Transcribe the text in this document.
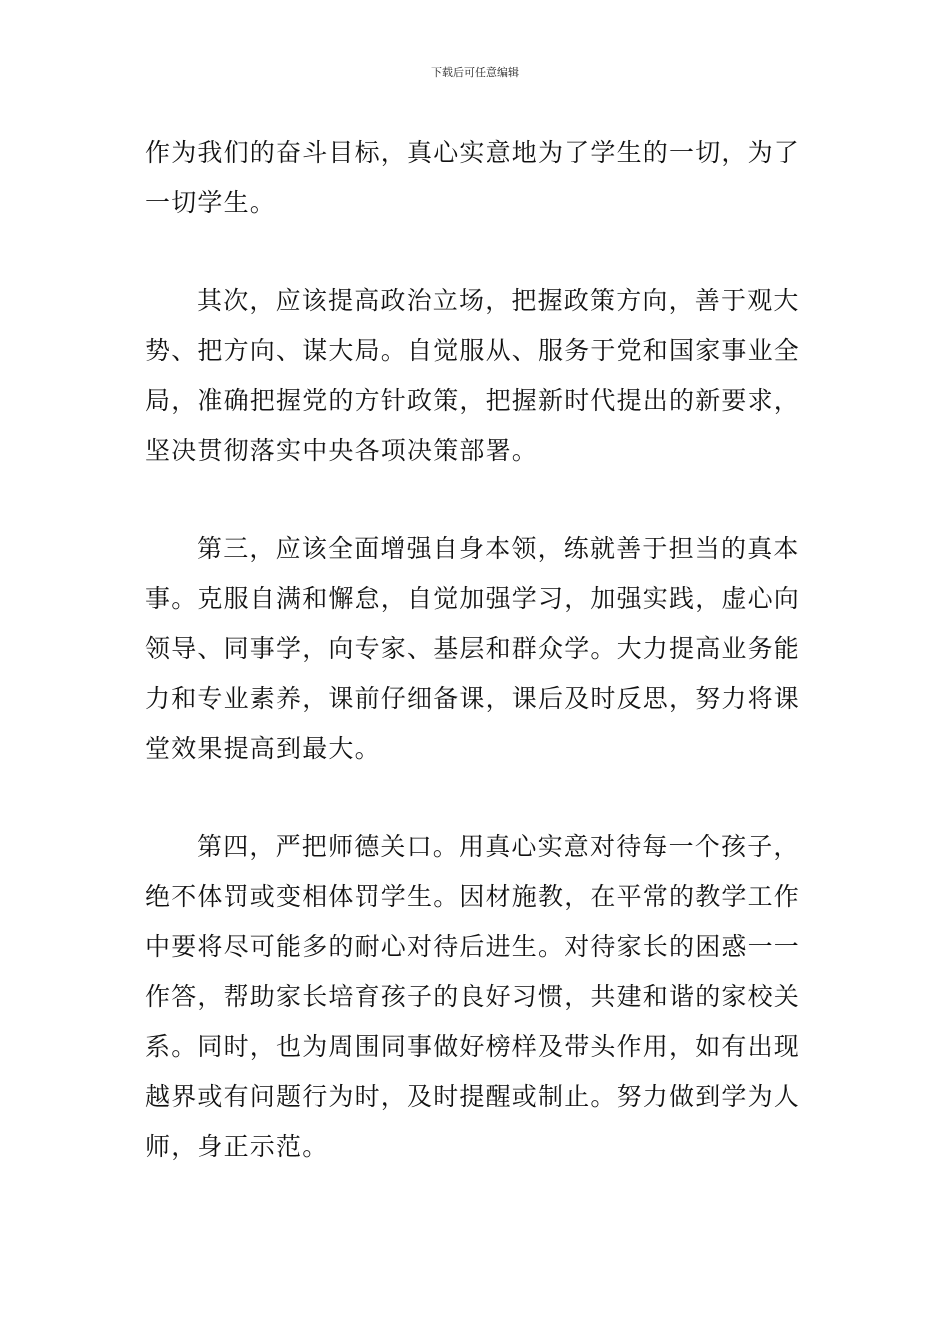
下载后可任意编辑

作为我们的奋斗目标，真心实意地为了学生的一切，为了
一切学生。

其次，应该提高政治立场，把握政策方向，善于观大
势、把方向、谋大局。自觉服从、服务于党和国家事业全
局，准确把握党的方针政策，把握新时代提出的新要求，
坚决贯彻落实中央各项决策部署。

第三，应该全面增强自身本领，练就善于担当的真本
事。克服自满和懈怠，自觉加强学习，加强实践，虚心向
领导、同事学，向专家、基层和群众学。大力提高业务能
力和专业素养，课前仔细备课，课后及时反思，努力将课
堂效果提高到最大。

第四，严把师德关口。用真心实意对待每一个孩子，
绝不体罚或变相体罚学生。因材施教，在平常的教学工作
中要将尽可能多的耐心对待后进生。对待家长的困惑一一
作答，帮助家长培育孩子的良好习惯，共建和谐的家校关
系。同时，也为周围同事做好榜样及带头作用，如有出现
越界或有问题行为时，及时提醒或制止。努力做到学为人
师，身正示范。
